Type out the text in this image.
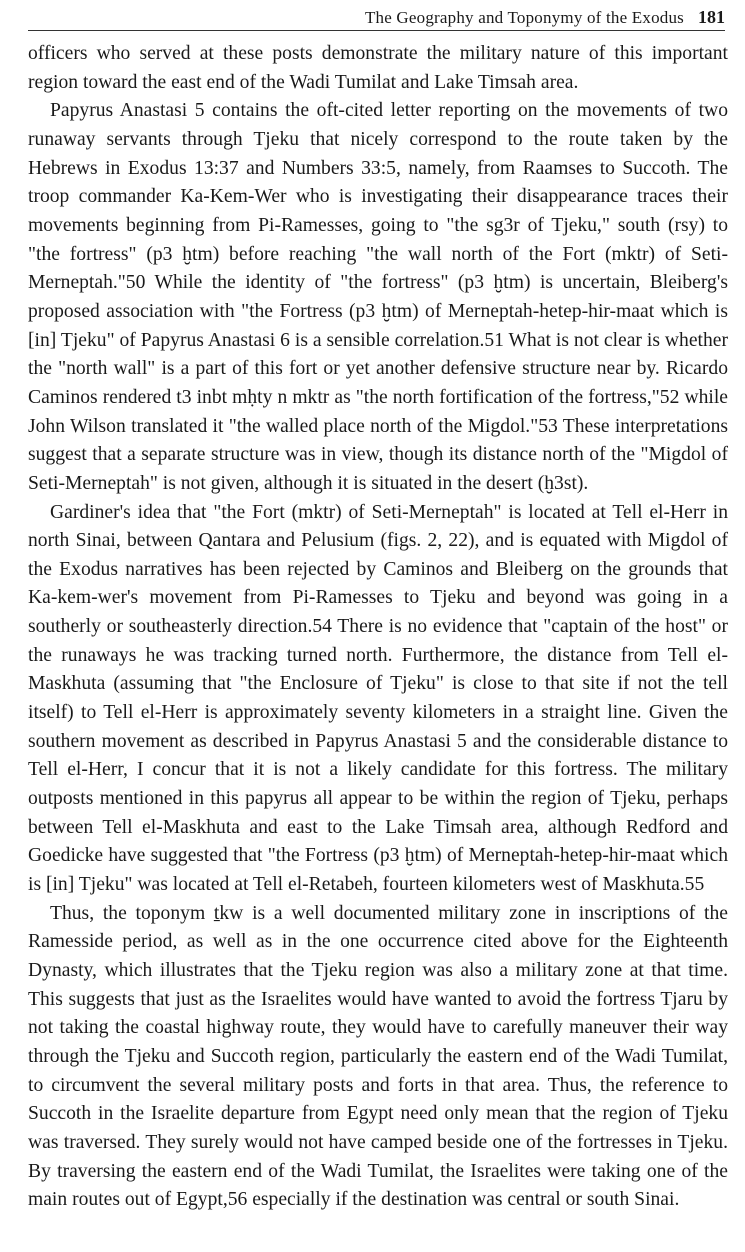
The Geography and Toponymy of the Exodus 181

officers who served at these posts demonstrate the military nature of this important region toward the east end of the Wadi Tumilat and Lake Timsah area.

Papyrus Anastasi 5 contains the oft-cited letter reporting on the movements of two runaway servants through Tjeku that nicely correspond to the route taken by the Hebrews in Exodus 13:37 and Numbers 33:5, namely, from Raamses to Succoth. The troop commander Ka-Kem-Wer who is investigating their disappearance traces their movements beginning from Pi-Ramesses, going to "the sg3r of Tjeku," south (rsy) to "the fortress" (p3 ḫtm) before reaching "the wall north of the Fort (mktr) of Seti-Merneptah."50 While the identity of "the fortress" (p3 ḫtm) is uncertain, Bleiberg's proposed association with "the Fortress (p3 ḫtm) of Merneptah-hetep-hir-maat which is [in] Tjeku" of Papyrus Anastasi 6 is a sensible correlation.51 What is not clear is whether the "north wall" is a part of this fort or yet another defensive structure near by. Ricardo Caminos rendered t3 inbt mḥty n mktr as "the north fortification of the fortress,"52 while John Wilson translated it "the walled place north of the Migdol."53 These interpretations suggest that a separate structure was in view, though its distance north of the "Migdol of Seti-Merneptah" is not given, although it is situated in the desert (ḫ3st).

Gardiner's idea that "the Fort (mktr) of Seti-Merneptah" is located at Tell el-Herr in north Sinai, between Qantara and Pelusium (figs. 2, 22), and is equated with Migdol of the Exodus narratives has been rejected by Caminos and Bleiberg on the grounds that Ka-kem-wer's movement from Pi-Ramesses to Tjeku and beyond was going in a southerly or southeasterly direction.54 There is no evidence that "captain of the host" or the runaways he was tracking turned north. Furthermore, the distance from Tell el-Maskhuta (assuming that "the Enclosure of Tjeku" is close to that site if not the tell itself) to Tell el-Herr is approximately seventy kilometers in a straight line. Given the southern movement as described in Papyrus Anastasi 5 and the considerable distance to Tell el-Herr, I concur that it is not a likely candidate for this fortress. The military outposts mentioned in this papyrus all appear to be within the region of Tjeku, perhaps between Tell el-Maskhuta and east to the Lake Timsah area, although Redford and Goedicke have suggested that "the Fortress (p3 ḫtm) of Merneptah-hetep-hir-maat which is [in] Tjeku" was located at Tell el-Retabeh, fourteen kilometers west of Maskhuta.55

Thus, the toponym ṯkw is a well documented military zone in inscriptions of the Ramesside period, as well as in the one occurrence cited above for the Eighteenth Dynasty, which illustrates that the Tjeku region was also a military zone at that time. This suggests that just as the Israelites would have wanted to avoid the fortress Tjaru by not taking the coastal highway route, they would have to carefully maneuver their way through the Tjeku and Succoth region, particularly the eastern end of the Wadi Tumilat, to circumvent the several military posts and forts in that area. Thus, the reference to Succoth in the Israelite departure from Egypt need only mean that the region of Tjeku was traversed. They surely would not have camped beside one of the fortresses in Tjeku. By traversing the eastern end of the Wadi Tumilat, the Israelites were taking one of the main routes out of Egypt,56 especially if the destination was central or south Sinai.
